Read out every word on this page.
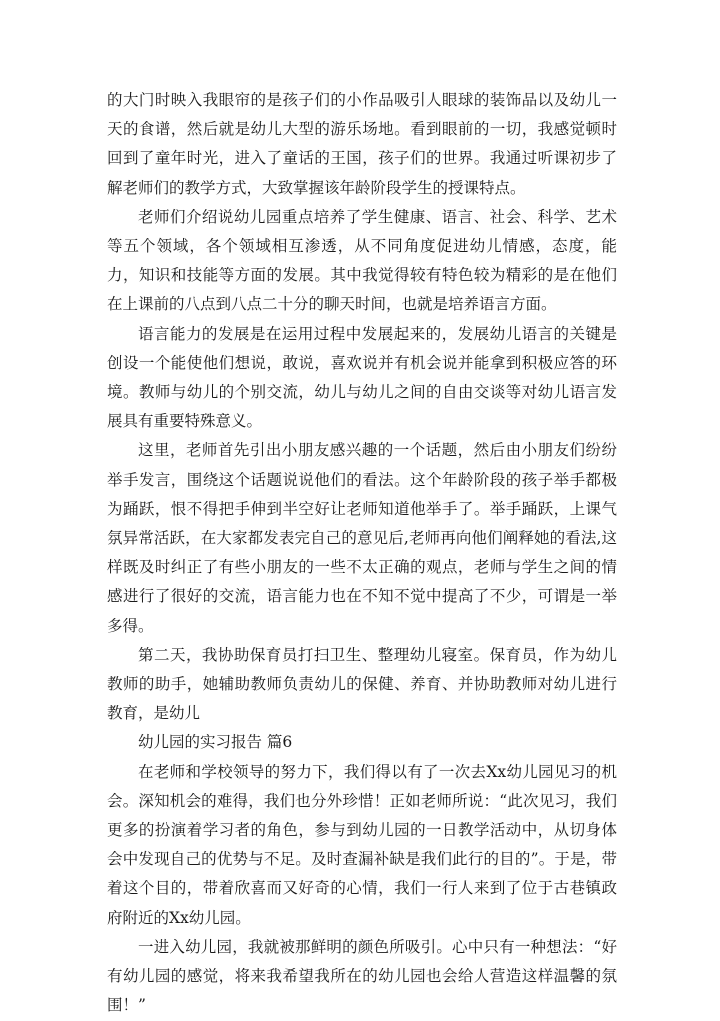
的大门时映入我眼帘的是孩子们的小作品吸引人眼球的装饰品以及幼儿一天的食谱，然后就是幼儿大型的游乐场地。看到眼前的一切，我感觉顿时回到了童年时光，进入了童话的王国，孩子们的世界。我通过听课初步了解老师们的教学方式，大致掌握该年龄阶段学生的授课特点。

老师们介绍说幼儿园重点培养了学生健康、语言、社会、科学、艺术等五个领域，各个领域相互渗透，从不同角度促进幼儿情感，态度，能力，知识和技能等方面的发展。其中我觉得较有特色较为精彩的是在他们在上课前的八点到八点二十分的聊天时间，也就是培养语言方面。

语言能力的发展是在运用过程中发展起来的，发展幼儿语言的关键是创设一个能使他们想说，敢说，喜欢说并有机会说并能拿到积极应答的环境。教师与幼儿的个别交流，幼儿与幼儿之间的自由交谈等对幼儿语言发展具有重要特殊意义。

这里，老师首先引出小朋友感兴趣的一个话题，然后由小朋友们纷纷举手发言，围绕这个话题说说他们的看法。这个年龄阶段的孩子举手都极为踊跃，恨不得把手伸到半空好让老师知道他举手了。举手踊跃，上课气氛异常活跃，在大家都发表完自己的意见后,老师再向他们阐释她的看法,这样既及时纠正了有些小朋友的一些不太正确的观点，老师与学生之间的情感进行了很好的交流，语言能力也在不知不觉中提高了不少，可谓是一举多得。

第二天，我协助保育员打扫卫生、整理幼儿寝室。保育员，作为幼儿教师的助手，她辅助教师负责幼儿的保健、养育、并协助教师对幼儿进行教育，是幼儿

幼儿园的实习报告 篇6

在老师和学校领导的努力下，我们得以有了一次去Xx幼儿园见习的机会。深知机会的难得，我们也分外珍惜！正如老师所说：“此次见习，我们更多的扮演着学习者的角色，参与到幼儿园的一日教学活动中，从切身体会中发现自己的优势与不足。及时查漏补缺是我们此行的目的”。于是，带着这个目的，带着欣喜而又好奇的心情，我们一行人来到了位于古巷镇政府附近的Xx幼儿园。

一进入幼儿园，我就被那鲜明的颜色所吸引。心中只有一种想法：“好有幼儿园的感觉，将来我希望我所在的幼儿园也会给人营造这样温馨的氛围！”
